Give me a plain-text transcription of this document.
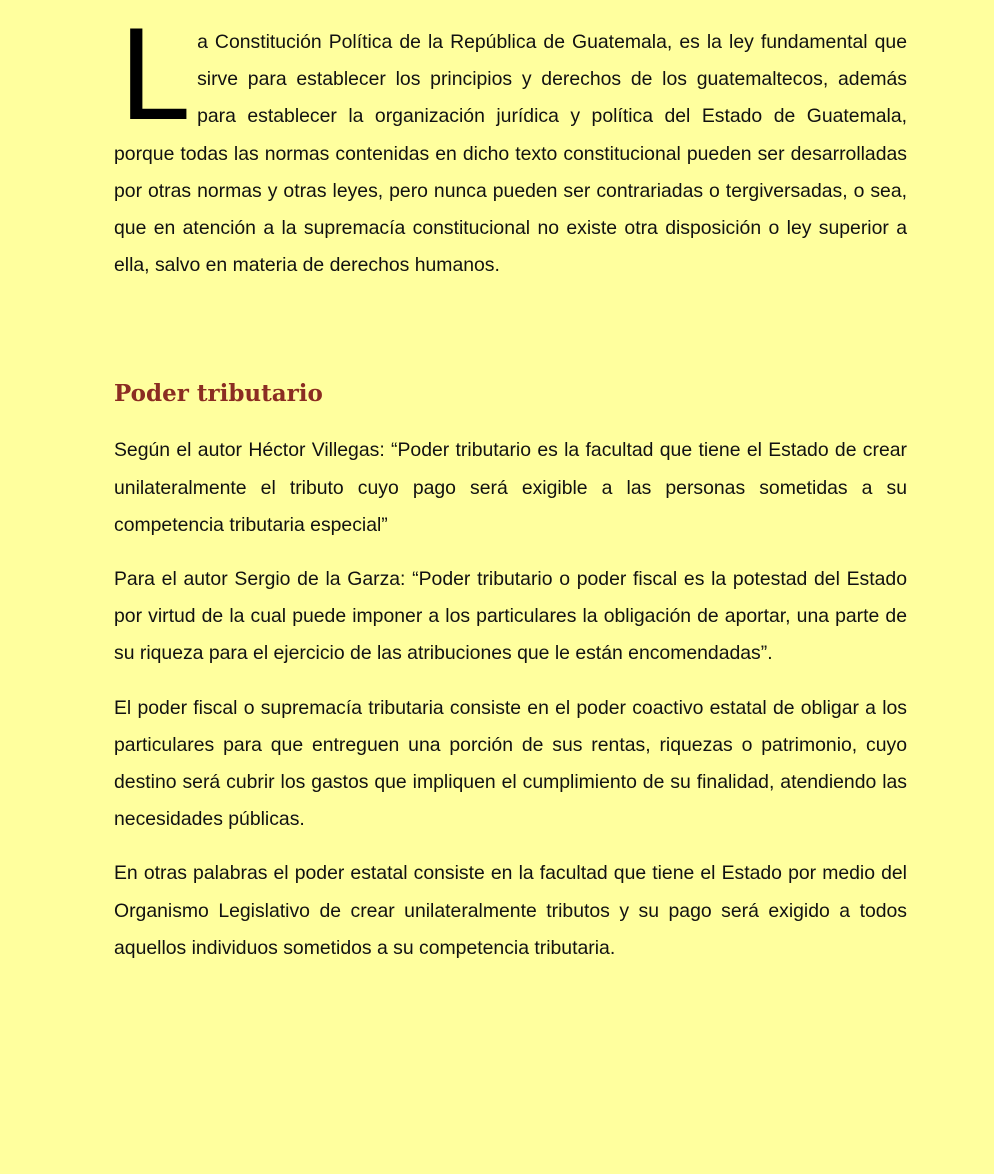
La Constitución Política de la República de Guatemala, es la ley fundamental que sirve para establecer los principios y derechos de los guatemaltecos, además para establecer la organización jurídica y política del Estado de Guatemala, porque todas las normas contenidas en dicho texto constitucional pueden ser desarrolladas por otras normas y otras leyes, pero nunca pueden ser contrariadas o tergiversadas, o sea, que en atención a la supremacía constitucional no existe otra disposición o ley superior a ella, salvo en materia de derechos humanos.

Poder tributario

Según el autor Héctor Villegas: “Poder tributario es la facultad que tiene el Estado de crear unilateralmente el tributo cuyo pago será exigible a las personas sometidas a su competencia tributaria especial”

Para el autor Sergio de la Garza: “Poder tributario o poder fiscal es la potestad del Estado por virtud de la cual puede imponer a los particulares la obligación de aportar, una parte de su riqueza para el ejercicio de las atribuciones que le están encomendadas”.

El poder fiscal o supremacía tributaria consiste en el poder coactivo estatal de obligar a los particulares para que entreguen una porción de sus rentas, riquezas o patrimonio, cuyo destino será cubrir los gastos que impliquen el cumplimiento de su finalidad, atendiendo las necesidades públicas.

En otras palabras el poder estatal consiste en la facultad que tiene el Estado por medio del Organismo Legislativo de crear unilateralmente tributos y su pago será exigido a todos aquellos individuos sometidos a su competencia tributaria.
